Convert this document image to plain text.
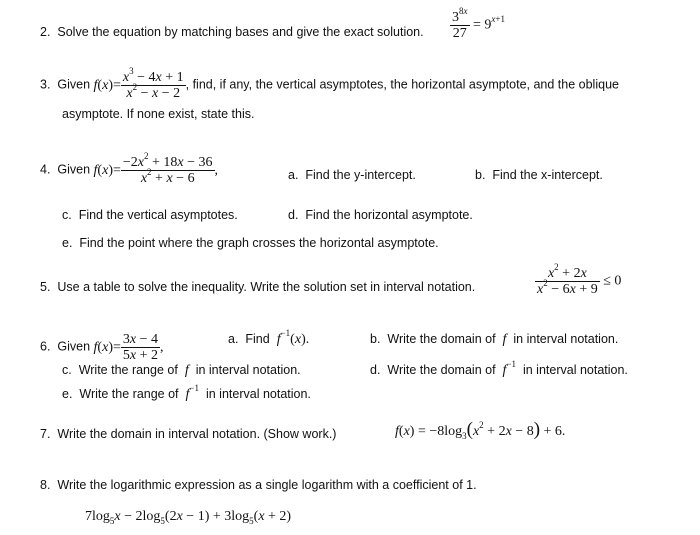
2. Solve the equation by matching bases and give the exact solution. $\frac{3^{8x}}{27} = 9^{x+1}$
3. Given $f(x)= \frac{x^3 - 4x + 1}{x^2 - x - 2}$ , find, if any, the vertical asymptotes, the horizontal asymptote, and the oblique
asymptote. If none exist, state this.
4. Given $f(x)= \frac{-2x^2 + 18x - 36}{x^2 + x - 6}$ ,	a. Find the y-intercept.	b. Find the x-intercept.
c. Find the vertical asymptotes.	d. Find the horizontal asymptote.
e. Find the point where the graph crosses the horizontal asymptote.
5. Use a table to solve the inequality. Write the solution set in interval notation.	$\frac{x^2 + 2x}{x^2 - 6x + 9} \le 0$
6. Given $f(x)= \frac{3x - 4}{5x + 2}$ ,
a. Find $f^{-1}(x)$.	b. Write the domain of  f  in interval notation.
c. Write the range of  f  in interval notation.	d. Write the domain of $f^{-1}$ in interval notation.
e. Write the range of $f^{-1}$ in interval notation.
7. Write the domain in interval notation. (Show work.)	$f(x) = -8\log_3(x^2 + 2x - 8) + 6$.
8. Write the logarithmic expression as a single logarithm with a coefficient of 1.
$7\log_5x - 2\log_5(2x - 1) + 3\log_5(x + 2)$
